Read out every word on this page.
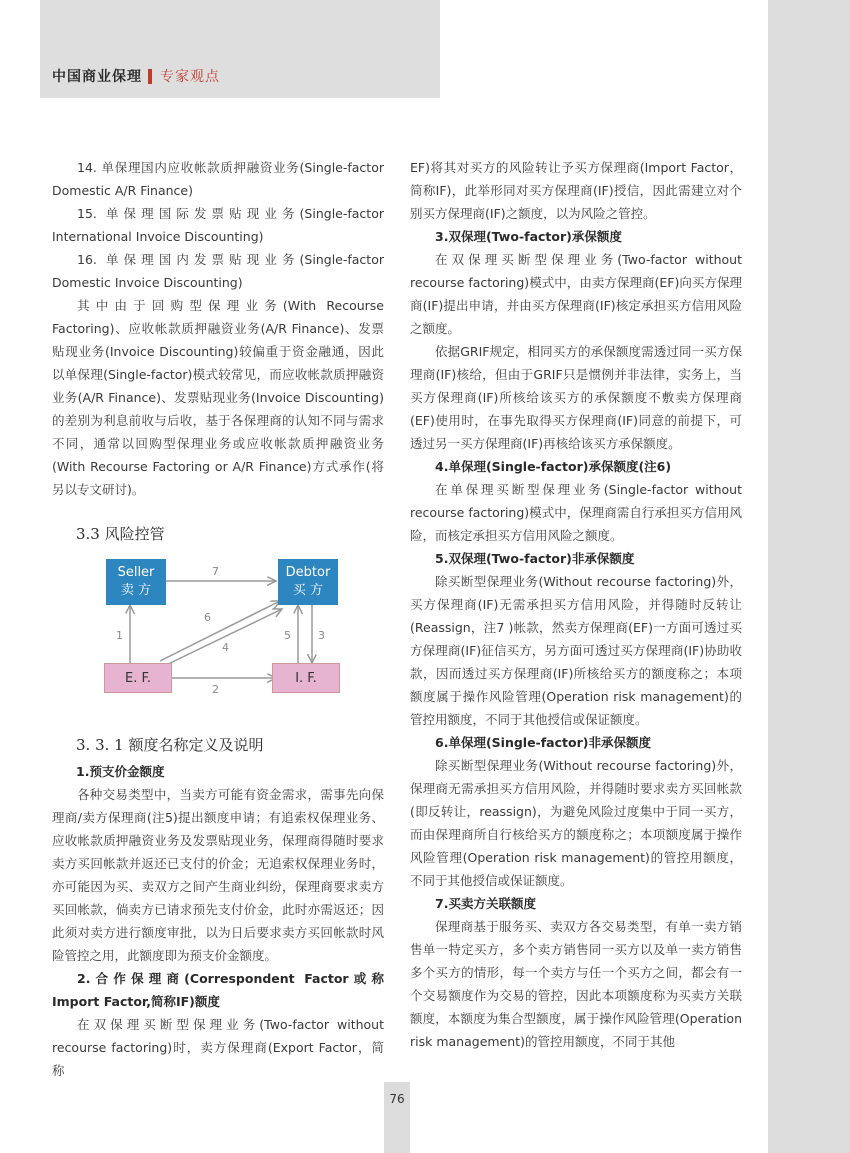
中国商业保理 专家观点

14. 单保理国内应收帐款质押融资业务(Single-factor Domestic A/R Finance)

15. 单保理国际发票贴现业务(Single-factor International Invoice Discounting)

16. 单保理国内发票贴现业务(Single-factor Domestic Invoice Discounting)

其中由于回购型保理业务(With Recourse Factoring)、应收帐款质押融资业务(A/R Finance)、发票贴现业务(Invoice Discounting)较偏重于资金融通，因此以单保理(Single-factor)模式较常见，而应收帐款质押融资业务(A/R Finance)、发票贴现业务(Invoice Discounting)的差别为利息前收与后收，基于各保理商的认知不同与需求不同，通常以回购型保理业务或应收帐款质押融资业务(With Recourse Factoring or A/R Finance)方式承作(将另以专文研讨)。

3.3 风险控管
Seller
卖 方
Debtor
买 方
E. F.	I. F.
7
1
2
5 3
6
4
3. 3. 1 额度名称定义及说明

1.预支价金额度

各种交易类型中，当卖方可能有资金需求，需事先向保理商/卖方保理商(注5)提出额度申请；有追索权保理业务、应收帐款质押融资业务及发票贴现业务，保理商得随时要求卖方买回帐款并返还已支付的价金；无追索权保理业务时，亦可能因为买、卖双方之间产生商业纠纷，保理商要求卖方买回帐款，倘卖方已请求预先支付价金，此时亦需返还；因此须对卖方进行额度审批，以为日后要求卖方买回帐款时风险管控之用，此额度即为预支价金额度。

2.合作保理商(Correspondent Factor或称Import Factor,简称IF)额度

在双保理买断型保理业务(Two-factor without recourse factoring)时，卖方保理商(Export Factor，简称

EF)将其对买方的风险转让予买方保理商(Import Factor，简称IF)，此举形同对买方保理商(IF)授信，因此需建立对个别买方保理商(IF)之额度，以为风险之管控。

3.双保理(Two-factor)承保额度

在双保理买断型保理业务(Two-factor without recourse factoring)模式中，由卖方保理商(EF)向买方保理商(IF)提出申请，并由买方保理商(IF)核定承担买方信用风险之额度。

依据GRIF规定，相同买方的承保额度需透过同一买方保理商(IF)核给，但由于GRIF只是惯例并非法律，实务上，当买方保理商(IF)所核给该买方的承保额度不敷卖方保理商(EF)使用时，在事先取得买方保理商(IF)同意的前提下，可透过另一买方保理商(IF)再核给该买方承保额度。

4.单保理(Single-factor)承保额度(注6)

在单保理买断型保理业务(Single-factor without recourse factoring)模式中，保理商需自行承担买方信用风险，而核定承担买方信用风险之额度。

5.双保理(Two-factor)非承保额度

除买断型保理业务(Without recourse factoring)外，买方保理商(IF)无需承担买方信用风险，并得随时反转让(Reassign，注7 )帐款，然卖方保理商(EF)一方面可透过买方保理商(IF)征信买方，另方面可透过买方保理商(IF)协助收款，因而透过买方保理商(IF)所核给买方的额度称之；本项额度属于操作风险管理(Operation risk management)的管控用额度，不同于其他授信或保证额度。

6.单保理(Single-factor)非承保额度

除买断型保理业务(Without recourse factoring)外，保理商无需承担买方信用风险，并得随时要求卖方买回帐款(即反转让，reassign)，为避免风险过度集中于同一买方，而由保理商所自行核给买方的额度称之；本项额度属于操作风险管理(Operation risk management)的管控用额度，不同于其他授信或保证额度。

7.买卖方关联额度

保理商基于服务买、卖双方各交易类型，有单一卖方销售单一特定买方，多个卖方销售同一买方以及单一卖方销售多个买方的情形，每一个卖方与任一个买方之间，都会有一个交易额度作为交易的管控，因此本项额度称为买卖方关联额度，本额度为集合型额度，属于操作风险管理(Operation risk management)的管控用额度，不同于其他

76
